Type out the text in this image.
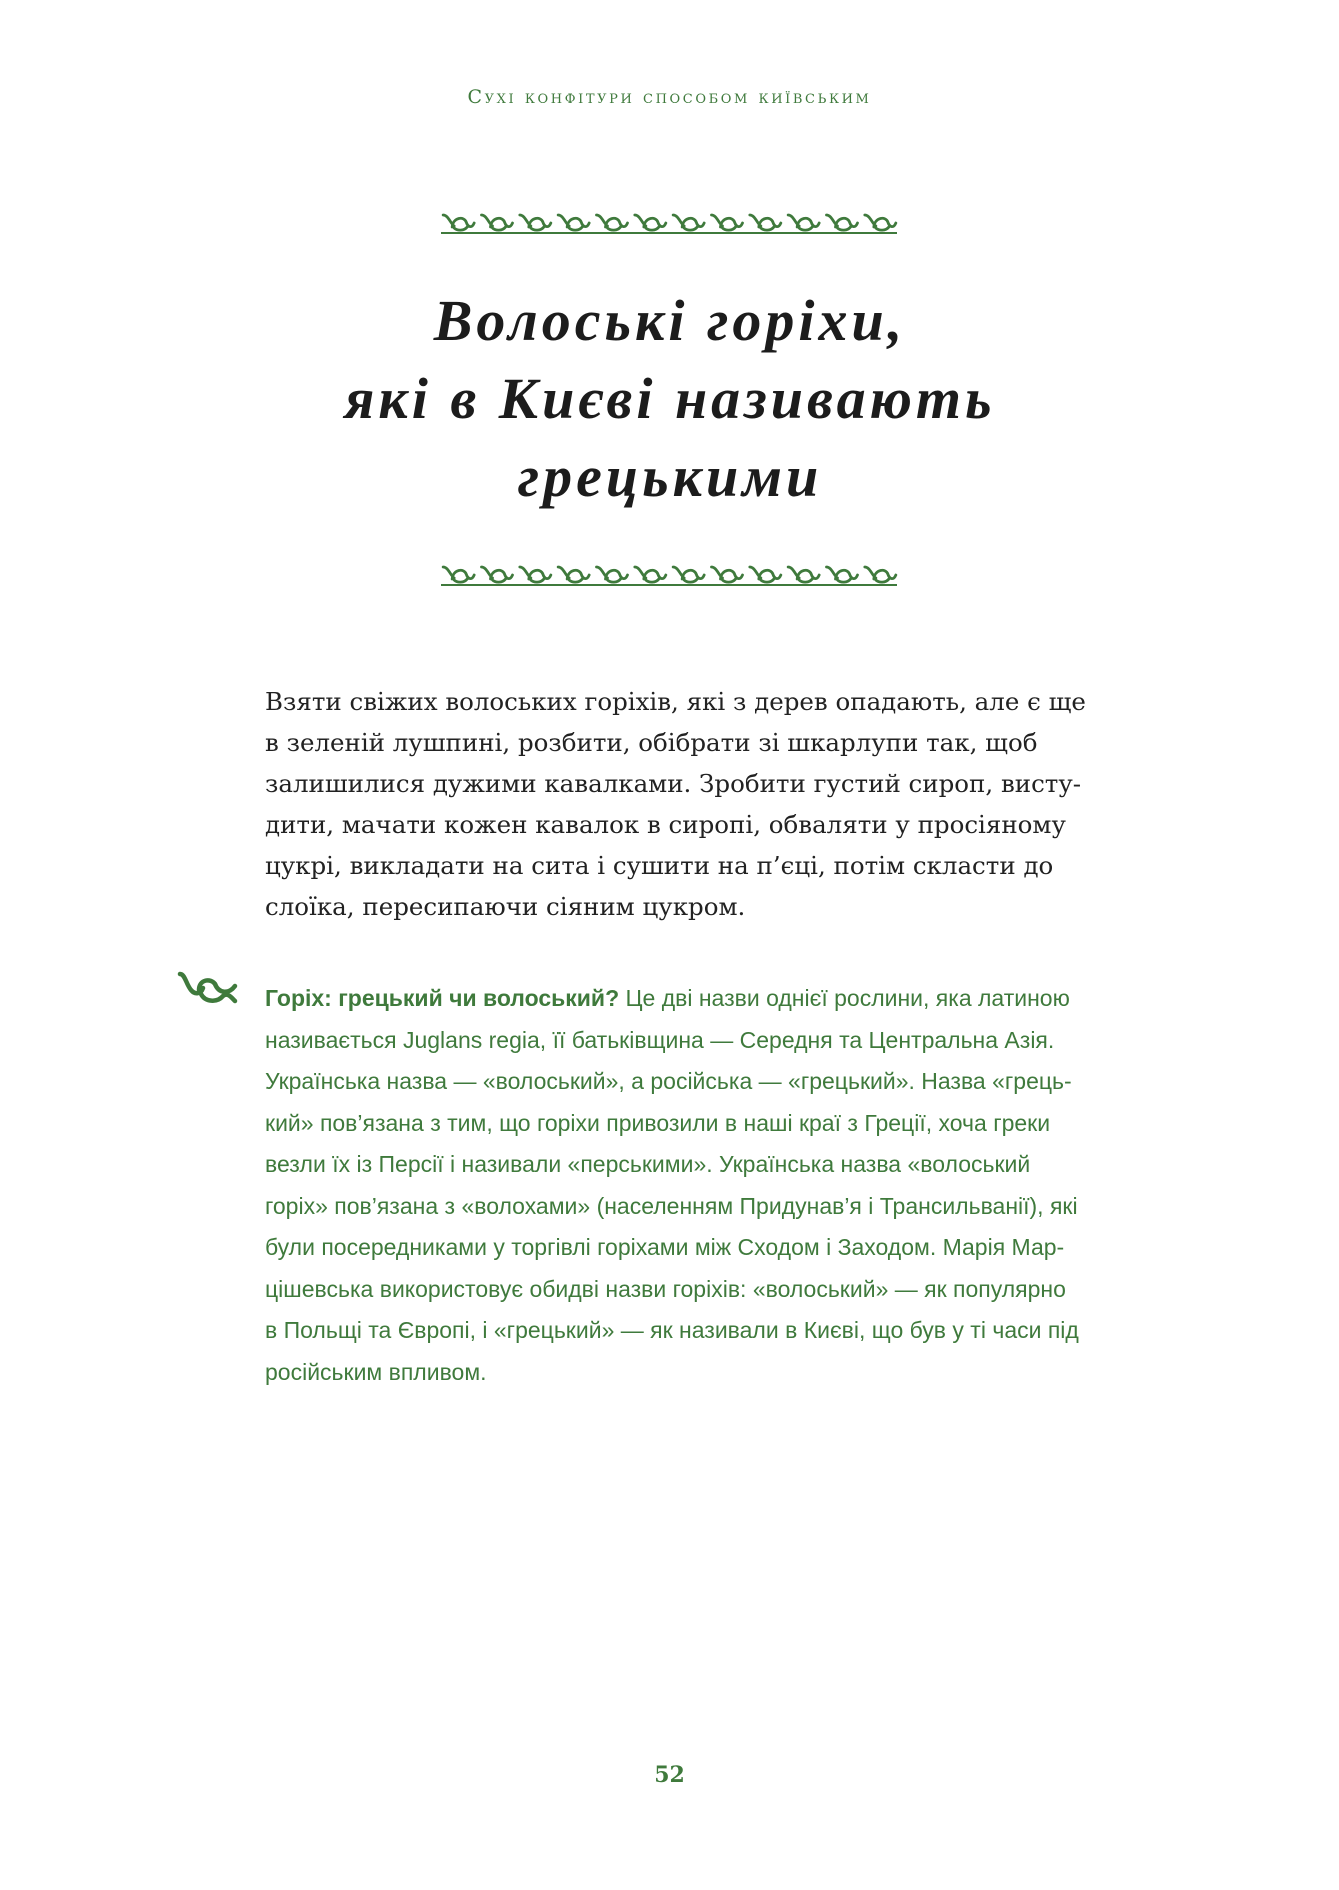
Сухі конфітури способом київським
Волоські горіхи,
які в Києві називають
грецькими
Взяти свіжих волоських горіхів, які з дерев опадають, але є ще
в зеленій лушпині, розбити, обібрати зі шкарлупи так, щоб
залишилися дужими кавалками. Зробити густий сироп, висту-
дити, мачати кожен кавалок в сиропі, обваляти у просіяному
цукрі, викладати на сита і сушити на п’єці, потім скласти до
слоїка, пересипаючи сіяним цукром.
Горіх: грецький чи волоський? Це дві назви однієї рослини, яка латиною
називається Juglans regia, її батьківщина — Середня та Центральна Азія.
Українська назва — «волоський», а російська — «грецький». Назва «грець-
кий» пов’язана з тим, що горіхи привозили в наші краї з Греції, хоча греки
везли їх із Персії і називали «перськими». Українська назва «волоський
горіх» пов’язана з «волохами» (населенням Придунав’я і Трансильванії), які
були посередниками у торгівлі горіхами між Сходом і Заходом. Марія Мар-
цішевська використовує обидві назви горіхів: «волоський» — як популярно
в Польщі та Європі, і «грецький» — як називали в Києві, що був у ті часи під
російським впливом.
52
